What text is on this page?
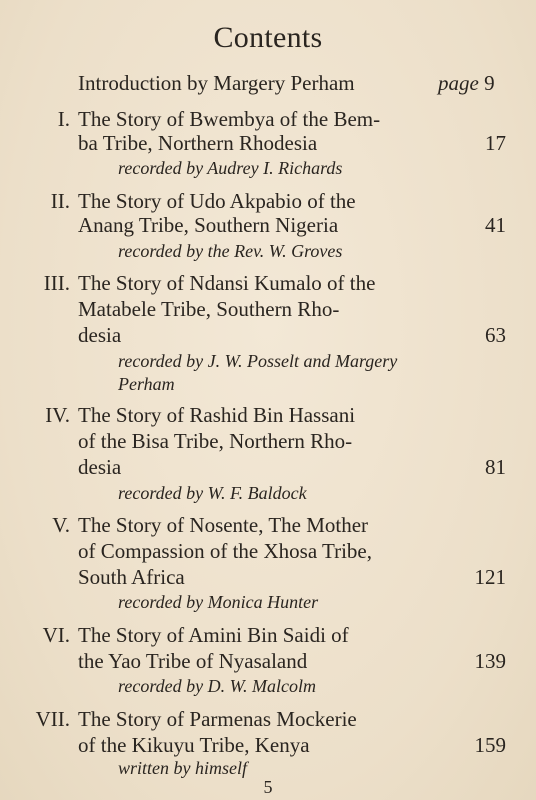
Contents
Introduction by Margery Perham	page 9
I. The Story of Bwembya of the Bem-
ba Tribe, Northern Rhodesia	17
recorded by Audrey I. Richards
II. The Story of Udo Akpabio of the
Anang Tribe, Southern Nigeria	41
recorded by the Rev. W. Groves
III. The Story of Ndansi Kumalo of the
Matabele Tribe, Southern Rho-
desia	63
recorded by J. W. Posselt and Margery
Perham
IV. The Story of Rashid Bin Hassani
of the Bisa Tribe, Northern Rho-
desia	81
recorded by W. F. Baldock
V. The Story of Nosente, The Mother
of Compassion of the Xhosa Tribe,
South Africa	121
recorded by Monica Hunter
VI. The Story of Amini Bin Saidi of
the Yao Tribe of Nyasaland	139
recorded by D. W. Malcolm
VII. The Story of Parmenas Mockerie
of the Kikuyu Tribe, Kenya	159
written by himself
5
